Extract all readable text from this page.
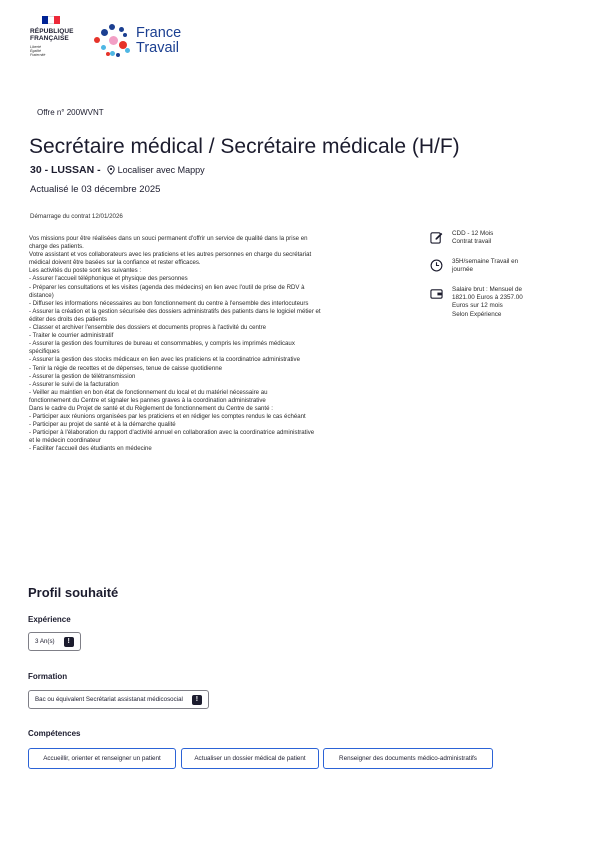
RÉPUBLIQUE
FRANÇAISE
Liberté
Égalité
Fraternité
France
Travail
Offre n° 200WVNT
Secrétaire médical / Secrétaire médicale (H/F)
30 - LUSSAN - Localiser avec Mappy
Actualisé le 03 décembre 2025
Démarrage du contrat 12/01/2026
Vos missions pour être réalisées dans un souci permanent d'offrir un service de qualité dans la prise en
charge des patients.
Votre assistant et vos collaborateurs avec les praticiens et les autres personnes en charge du secrétariat
médical doivent être basées sur la confiance et rester efficaces.
Les activités du poste sont les suivantes :
- Assurer l'accueil téléphonique et physique des personnes
- Préparer les consultations et les visites (agenda des médecins) en lien avec l'outil de prise de RDV à
distance)
- Diffuser les informations nécessaires au bon fonctionnement du centre à l'ensemble des interlocuteurs
- Assurer la création et la gestion sécurisée des dossiers administratifs des patients dans le logiciel métier et
éditer des droits des patients
- Classer et archiver l'ensemble des dossiers et documents propres à l'activité du centre
- Traiter le courrier administratif
- Assurer la gestion des fournitures de bureau et consommables, y compris les imprimés médicaux
spécifiques
- Assurer la gestion des stocks médicaux en lien avec les praticiens et la coordinatrice administrative
- Tenir la régie de recettes et de dépenses, tenue de caisse quotidienne
- Assurer la gestion de télétransmission
- Assurer le suivi de la facturation
- Veiller au maintien en bon état de fonctionnement du local et du matériel nécessaire au
fonctionnement du Centre et signaler les pannes graves à la coordination administrative
Dans le cadre du Projet de santé et du Règlement de fonctionnement du Centre de santé :
- Participer aux réunions organisées par les praticiens et en rédiger les comptes rendus le cas échéant
- Participer au projet de santé et à la démarche qualité
- Participer à l'élaboration du rapport d'activité annuel en collaboration avec la coordinatrice administrative
et le médecin coordinateur
- Faciliter l'accueil des étudiants en médecine
CDD - 12 Mois
Contrat travail
35H/semaine Travail en
journée
Salaire brut : Mensuel de
1821.00 Euros à 2357.00
Euros sur 12 mois
Selon Expérience
Profil souhaité
Expérience
3 An(s)	!
Formation
Bac ou équivalent Secrétariat assistanat médicosocial	!
Compétences
Accueillir, orienter et renseigner un patient	Actualiser un dossier médical de patient	Renseigner des documents médico-administratifs
